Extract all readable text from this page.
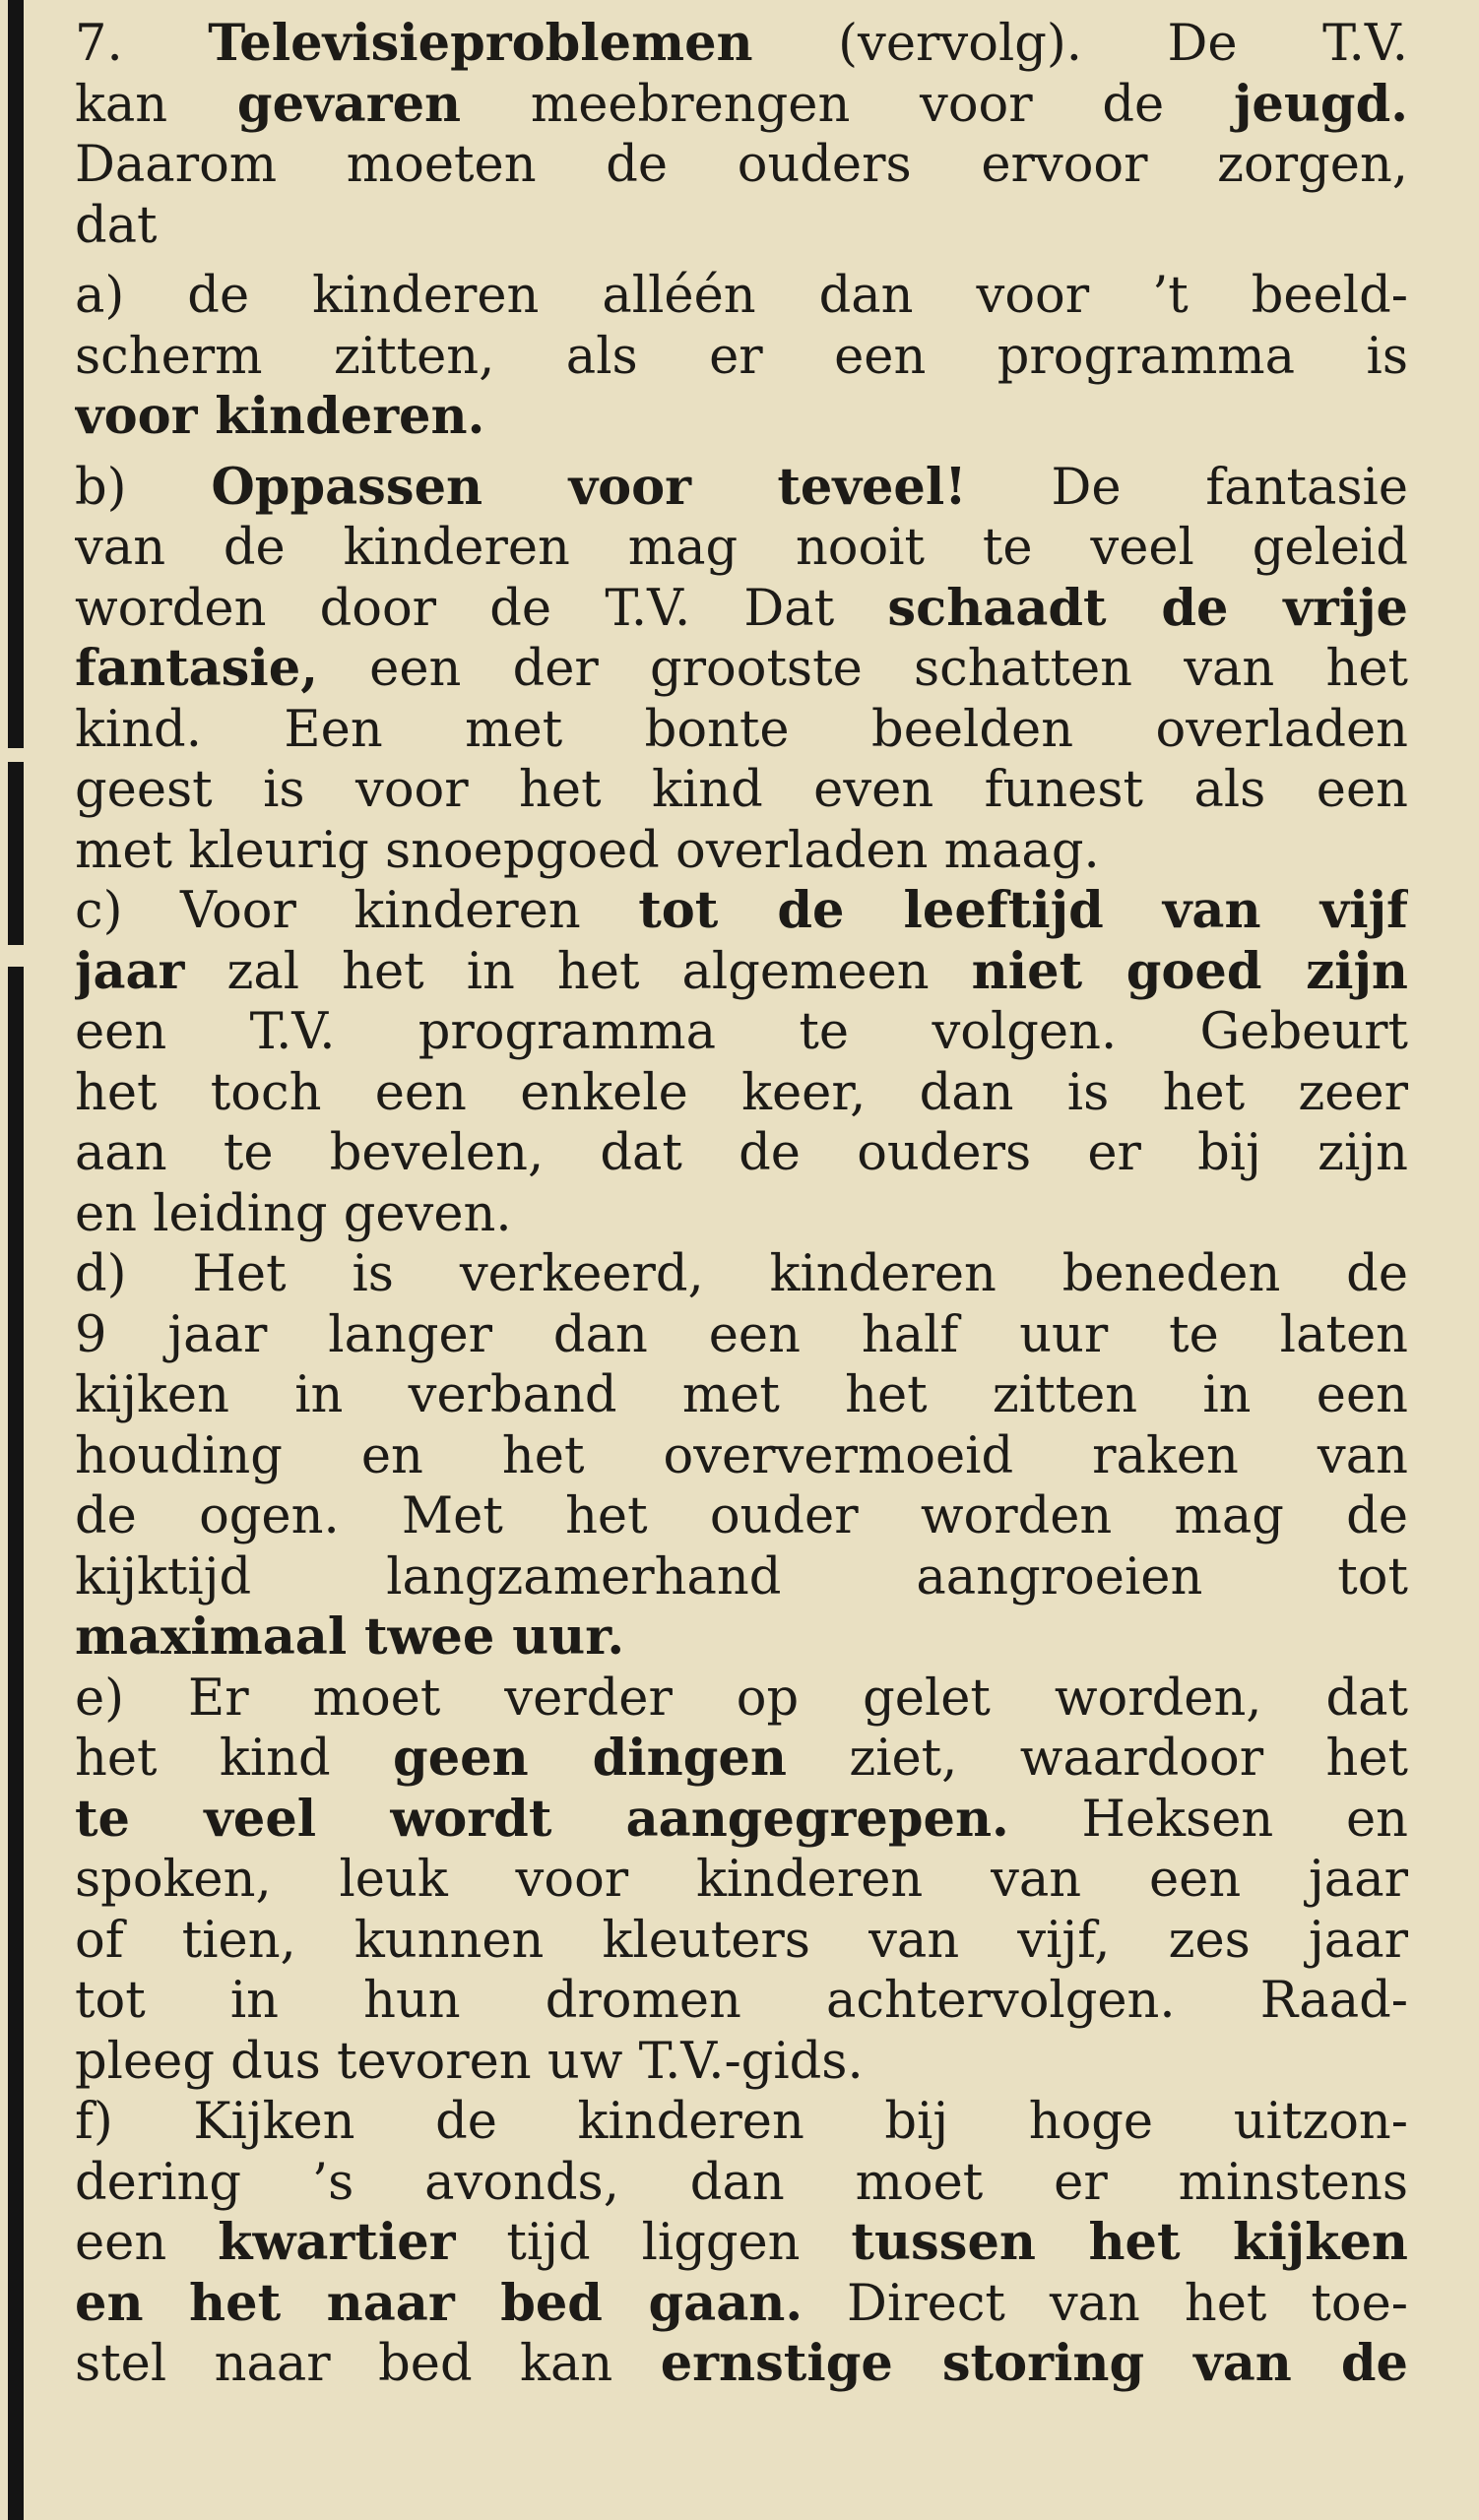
7. Televisieproblemen (vervolg). De T.V.
kan gevaren meebrengen voor de jeugd.
Daarom moeten de ouders ervoor zorgen,
dat
a) de kinderen alléén dan voor ’t beeld-
scherm zitten, als er een programma is
voor kinderen.
b) Oppassen voor teveel! De fantasie
van de kinderen mag nooit te veel geleid
worden door de T.V. Dat schaadt de vrije
fantasie, een der grootste schatten van het
kind. Een met bonte beelden overladen
geest is voor het kind even funest als een
met kleurig snoepgoed overladen maag.
c) Voor kinderen tot de leeftijd van vijf
jaar zal het in het algemeen niet goed zijn
een T.V. programma te volgen. Gebeurt
het toch een enkele keer, dan is het zeer
aan te bevelen, dat de ouders er bij zijn
en leiding geven.
d) Het is verkeerd, kinderen beneden de
9 jaar langer dan een half uur te laten
kijken in verband met het zitten in een
houding en het oververmoeid raken van
de ogen. Met het ouder worden mag de
kijktijd langzamerhand aangroeien tot
maximaal twee uur.
e) Er moet verder op gelet worden, dat
het kind geen dingen ziet, waardoor het
te veel wordt aangegrepen. Heksen en
spoken, leuk voor kinderen van een jaar
of tien, kunnen kleuters van vijf, zes jaar
tot in hun dromen achtervolgen. Raad-
pleeg dus tevoren uw T.V.-gids.
f) Kijken de kinderen bij hoge uitzon-
dering ’s avonds, dan moet er minstens
een kwartier tijd liggen tussen het kijken
en het naar bed gaan. Direct van het toe-
stel naar bed kan ernstige storing van de
